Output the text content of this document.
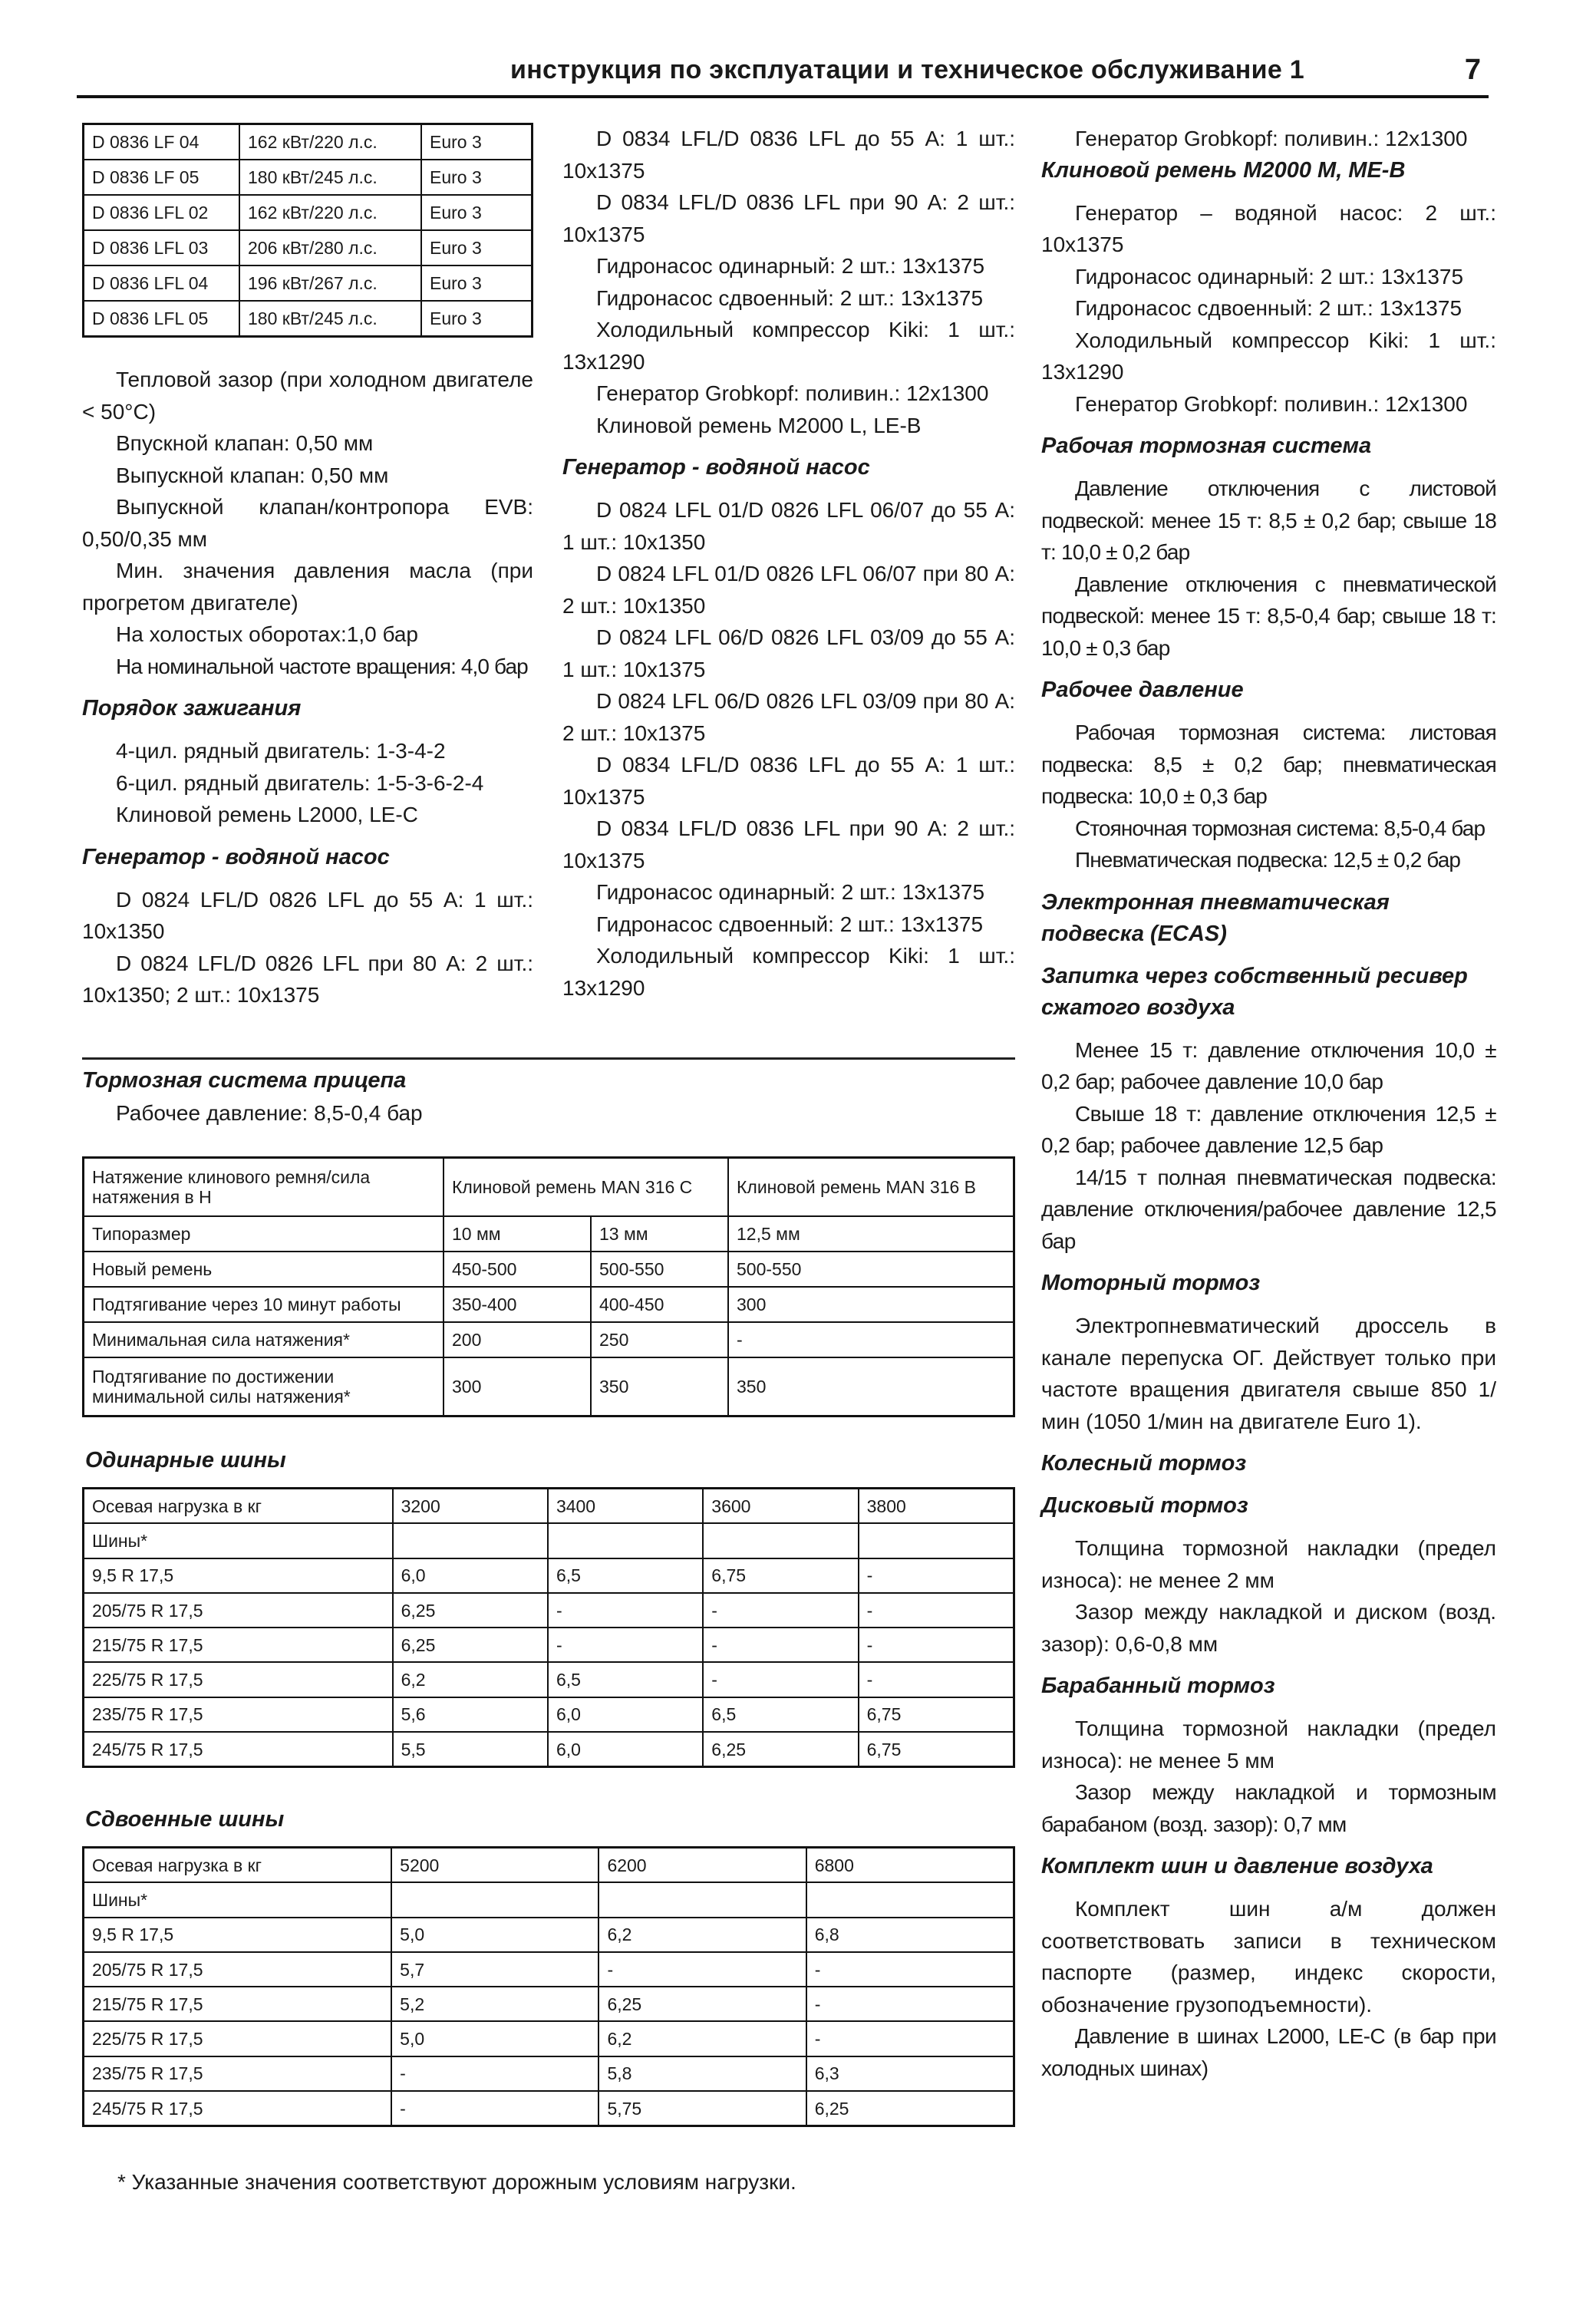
инструкция по эксплуатации и техническое обслуживание 1	7
D 0836 LF 04	162 кВт/220 л.с.	Euro 3
D 0836 LF 05	180 кВт/245 л.с.	Euro 3
D 0836 LFL 02	162 кВт/220 л.с.	Euro 3
D 0836 LFL 03	206 кВт/280 л.с.	Euro 3
D 0836 LFL 04	196 кВт/267 л.с.	Euro 3
D 0836 LFL 05	180 кВт/245 л.с.	Euro 3

Тепловой зазор (при холодном двигателе < 50°C)

Впускной клапан: 0,50 мм

Выпускной клапан: 0,50 мм

Выпускной клапан/контропора EVB: 0,50/0,35 мм

Мин. значения давления масла (при прогретом двигателе)

На холостых оборотах:1,0 бар

На номинальной частоте вращения: 4,0 бар

Порядок зажигания

4-цил. рядный двигатель: 1-3-4-2

6-цил. рядный двигатель: 1-5-3-6-2-4

Клиновой ремень L2000, LE-C

Генератор - водяной насос

D 0824 LFL/D 0826 LFL до 55 А: 1 шт.: 10x1350

D 0824 LFL/D 0826 LFL при 80 А: 2 шт.: 10x1350; 2 шт.: 10x1375

D 0834 LFL/D 0836 LFL до 55 А: 1 шт.: 10x1375

D 0834 LFL/D 0836 LFL при 90 А: 2 шт.: 10x1375

Гидронасос одинарный: 2 шт.: 13x1375

Гидронасос сдвоенный: 2 шт.: 13x1375

Холодильный компрессор Kiki: 1 шт.: 13x1290

Генератор Grobkopf: поливин.: 12x1300

Клиновой ремень M2000 L, LE-B

Генератор - водяной насос

D 0824 LFL 01/D 0826 LFL 06/07 до 55 А: 1 шт.: 10x1350

D 0824 LFL 01/D 0826 LFL 06/07 при 80 А: 2 шт.: 10x1350

D 0824 LFL 06/D 0826 LFL 03/09 до 55 А: 1 шт.: 10x1375

D 0824 LFL 06/D 0826 LFL 03/09 при 80 А: 2 шт.: 10x1375

D 0834 LFL/D 0836 LFL до 55 А: 1 шт.: 10x1375

D 0834 LFL/D 0836 LFL при 90 А: 2 шт.: 10x1375

Гидронасос одинарный: 2 шт.: 13x1375

Гидронасос сдвоенный: 2 шт.: 13x1375

Холодильный компрессор Kiki: 1 шт.: 13x1290

Генератор Grobkopf: поливин.: 12x1300

Клиновой ремень M2000 M, ME-B

Генератор – водяной насос: 2 шт.: 10x1375

Гидронасос одинарный: 2 шт.: 13x1375

Гидронасос сдвоенный: 2 шт.: 13x1375

Холодильный компрессор Kiki: 1 шт.: 13x1290

Генератор Grobkopf: поливин.: 12x1300

Рабочая тормозная система

Давление отключения с листовой подвеской: менее 15 т: 8,5 ± 0,2 бар; свыше 18 т: 10,0 ± 0,2 бар

Давление отключения с пневматической подвеской: менее 15 т: 8,5-0,4 бар; свыше 18 т: 10,0 ± 0,3 бар

Рабочее давление

Рабочая тормозная система: листовая подвеска: 8,5 ± 0,2 бар; пневматическая подвеска: 10,0 ± 0,3 бар

Стояночная тормозная система: 8,5-0,4 бар

Пневматическая подвеска: 12,5 ± 0,2 бар

Электронная пневматическая подвеска (ECAS)
Запитка через собственный ресивер сжатого воздуха

Менее 15 т: давление отключения 10,0 ± 0,2 бар; рабочее давление 10,0 бар

Свыше 18 т: давление отключения 12,5 ± 0,2 бар; рабочее давление 12,5 бар

14/15 т полная пневматическая подвеска: давление отключения/рабочее давление 12,5 бар

Моторный тормоз

Электропневматический дроссель в канале перепуска ОГ. Действует только при частоте вращения двигателя свыше 850 1/мин (1050 1/мин на двигателе Euro 1).

Колесный тормоз
Дисковый тормоз

Толщина тормозной накладки (предел износа): не менее 2 мм

Зазор между накладкой и диском (возд. зазор): 0,6-0,8 мм

Барабанный тормоз

Толщина тормозной накладки (предел износа): не менее 5 мм

Зазор между накладкой и тормозным барабаном (возд. зазор): 0,7 мм

Комплект шин и давление воздуха

Комплект шин а/м должен соответствовать записи в техническом паспорте (размер, индекс скорости, обозначение грузоподъемности).

Давление в шинах L2000, LE-C (в бар при холодных шинах)

Тормозная система прицепа

Рабочее давление: 8,5-0,4 бар

Натяжение клинового ремня/сила натяжения в Н	Клиновой ремень MAN 316 C		Клиновой ремень MAN 316 B
Типоразмер	10 мм	13 мм	12,5 мм
Новый ремень	450-500	500-550	500-550
Подтягивание через 10 минут работы	350-400	400-450	300
Минимальная сила натяжения*	200	250	-
Подтягивание по достижении минимальной силы натяжения*	300	350	350
Одинарные шины
Осевая нагрузка в кг	3200	3400	3600	3800
Шины*				
9,5 R 17,5	6,0	6,5	6,75	-
205/75 R 17,5	6,25	-	-	-
215/75 R 17,5	6,25	-	-	-
225/75 R 17,5	6,2	6,5	-	-
235/75 R 17,5	5,6	6,0	6,5	6,75
245/75 R 17,5	5,5	6,0	6,25	6,75
Сдвоенные шины
Осевая нагрузка в кг	5200	6200	6800
Шины*			
9,5 R 17,5	5,0	6,2	6,8
205/75 R 17,5	5,7	-	-
215/75 R 17,5	5,2	6,25	-
225/75 R 17,5	5,0	6,2	-
235/75 R 17,5	-	5,8	6,3
245/75 R 17,5	-	5,75	6,25
* Указанные значения соответствуют дорожным условиям нагрузки.
